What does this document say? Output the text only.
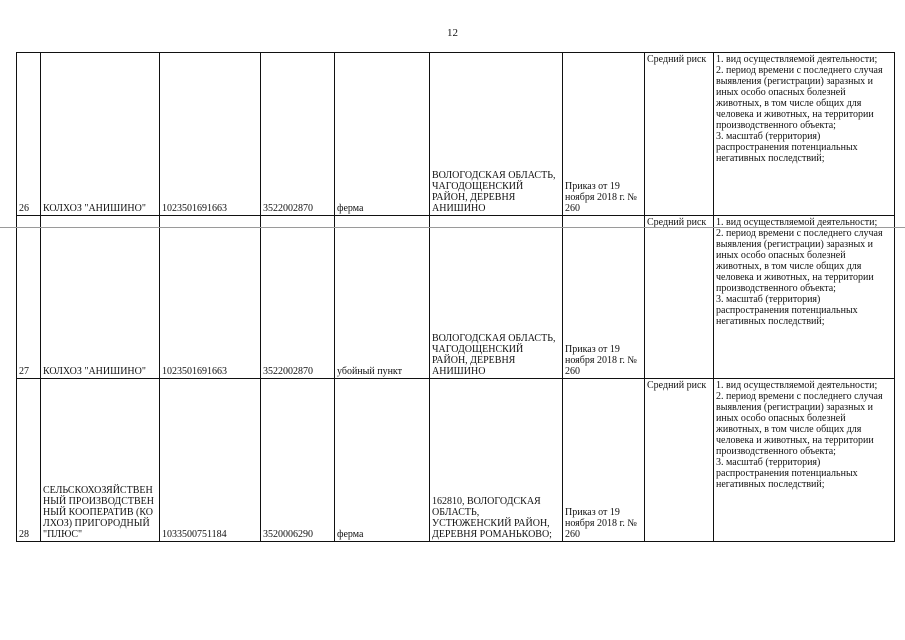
12
26	КОЛХОЗ "АНИШИНО"	1023501691663	3522002870	ферма	ВОЛОГОДСКАЯ ОБЛАСТЬ, ЧАГОДОЩЕНСКИЙ РАЙОН, ДЕРЕВНЯ АНИШИНО	Приказ от 19 ноября 2018 г. № 260	Средний риск	1. вид осуществляемой деятельности;
2. период времени с последнего случая выявления (регистрации) заразных и иных особо опасных болезней животных, в том числе общих для человека и животных, на территории производственного объекта;
3. масштаб (территория) распространения потенциальных негативных последствий;

27	КОЛХОЗ "АНИШИНО"	1023501691663	3522002870	убойный пункт	ВОЛОГОДСКАЯ ОБЛАСТЬ, ЧАГОДОЩЕНСКИЙ РАЙОН, ДЕРЕВНЯ АНИШИНО	Приказ от 19 ноября 2018 г. № 260	Средний риск	1. вид осуществляемой деятельности;
2. период времени с последнего случая выявления (регистрации) заразных и иных особо опасных болезней животных, в том числе общих для человека и животных, на территории производственного объекта;
3. масштаб (территория) распространения потенциальных негативных последствий;

28	СЕЛЬСКОХОЗЯЙСТВЕННЫЙ ПРОИЗВОДСТВЕННЫЙ КООПЕРАТИВ (КОЛХОЗ) ПРИГОРОДНЫЙ "ПЛЮС"	1033500751184	3520006290	ферма	162810, ВОЛОГОДСКАЯ ОБЛАСТЬ, УСТЮЖЕНСКИЙ РАЙОН, ДЕРЕВНЯ РОМАНЬКОВО;	Приказ от 19 ноября 2018 г. № 260	Средний риск	1. вид осуществляемой деятельности;
2. период времени с последнего случая выявления (регистрации) заразных и иных особо опасных болезней животных, в том числе общих для человека и животных, на территории производственного объекта;
3. масштаб (территория) распространения потенциальных негативных последствий;
